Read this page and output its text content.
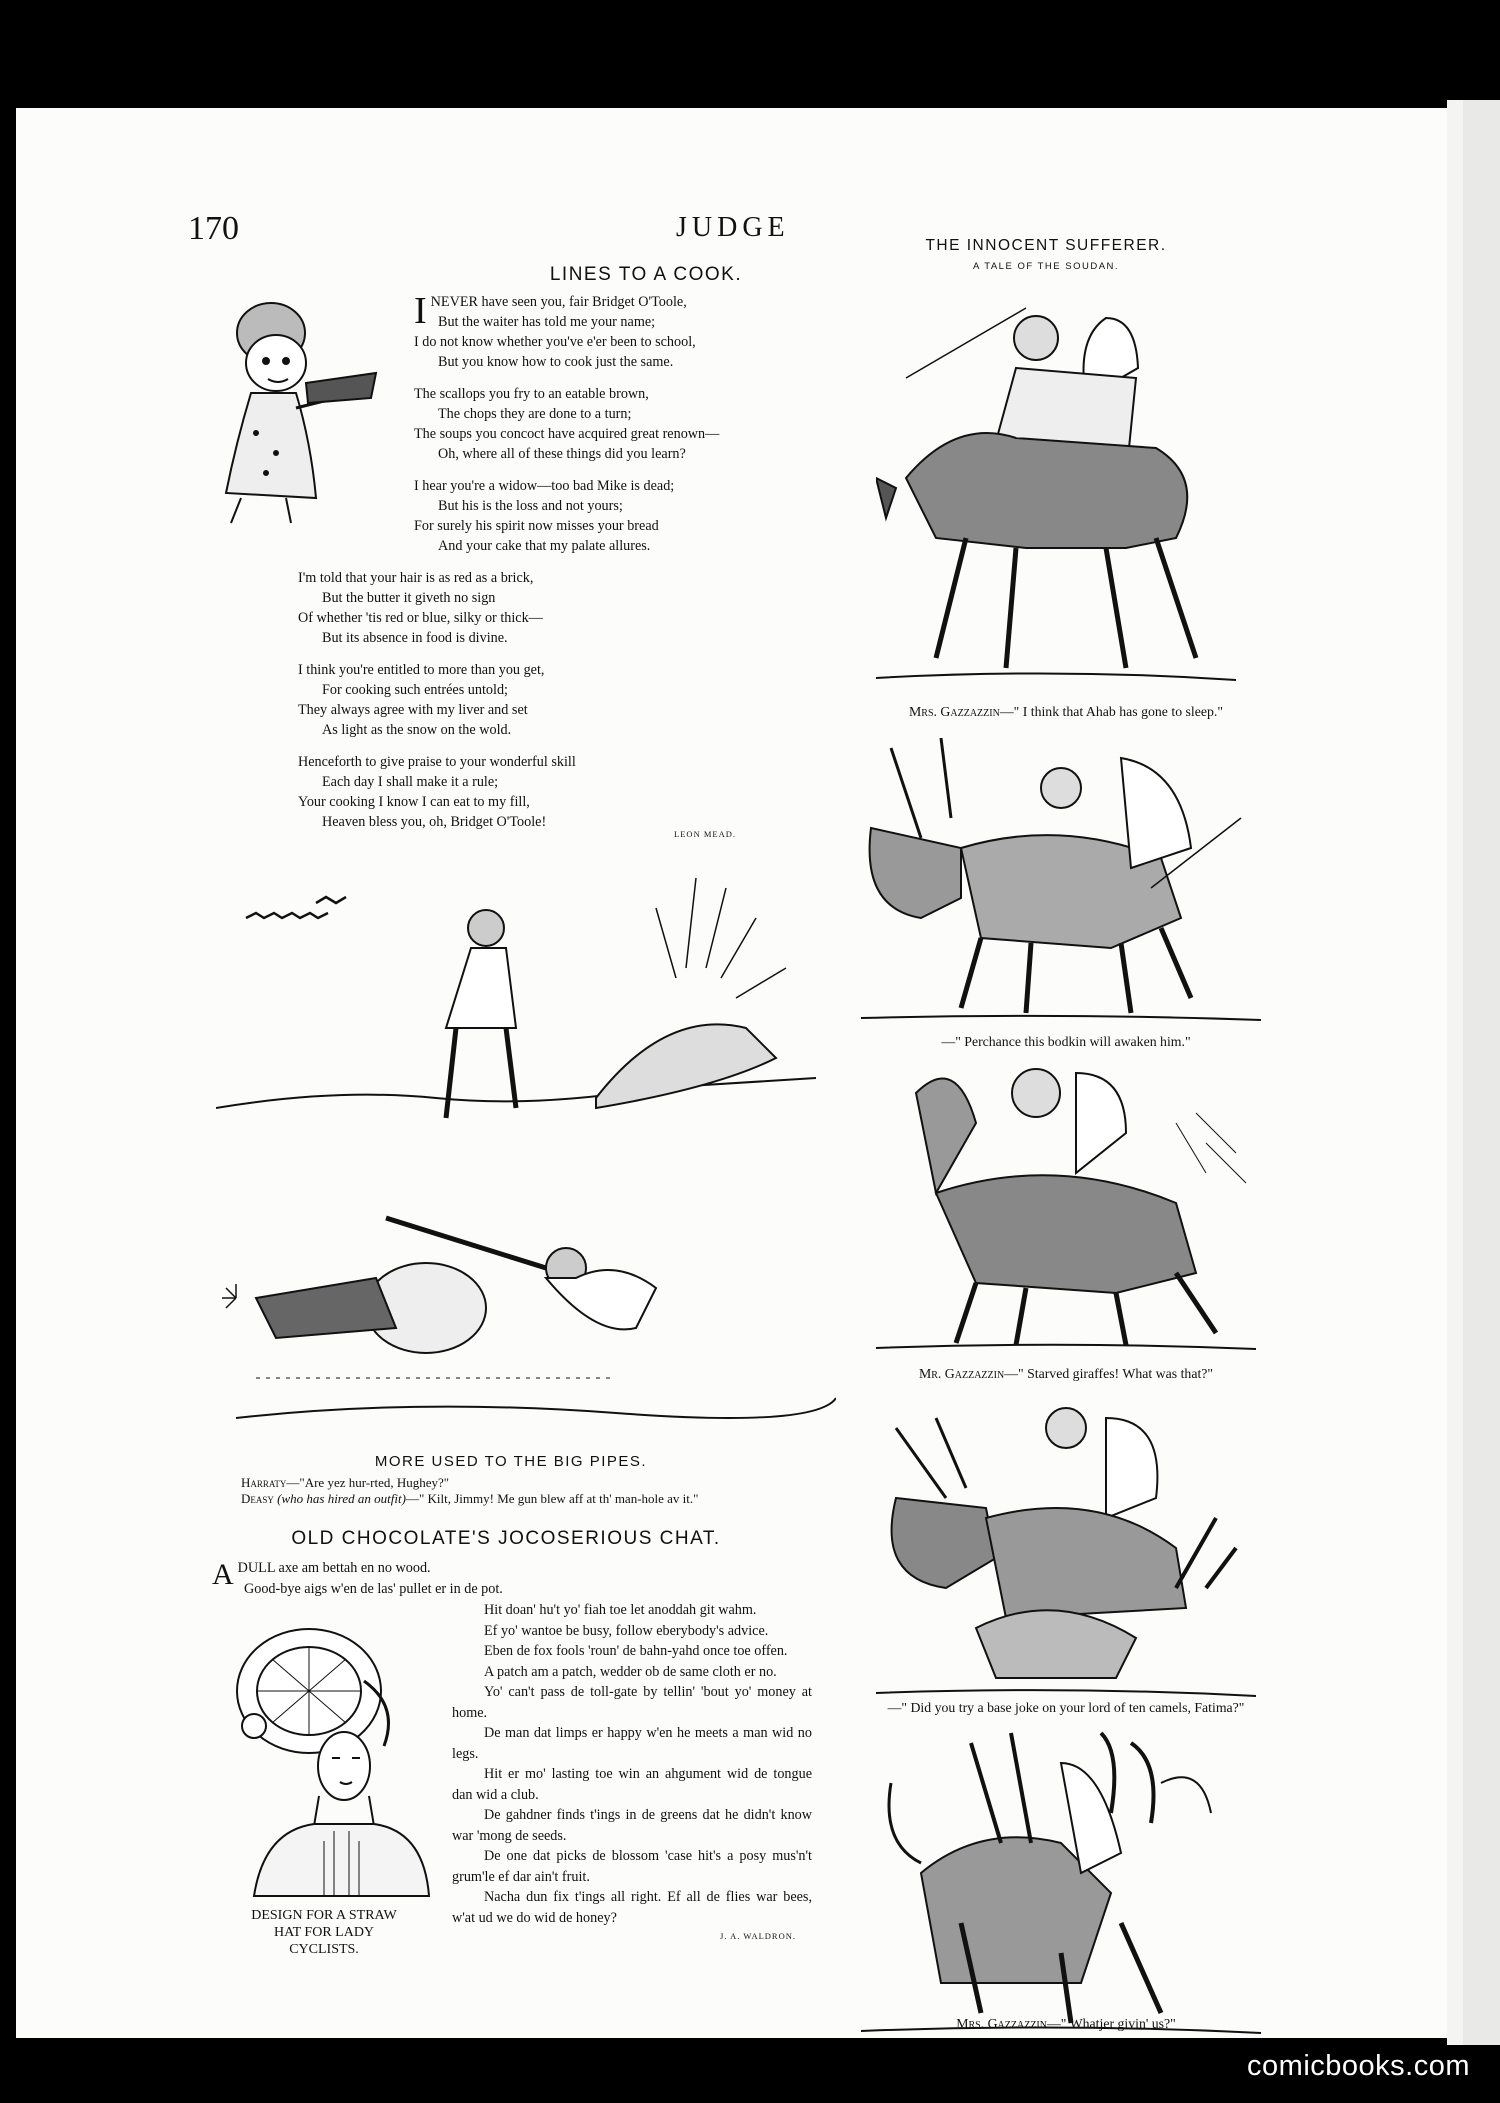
170	JUDGE
LINES TO A COOK.
INEVER have seen you, fair Bridget O'Toole,
But the waiter has told me your name;
I do not know whether you've e'er been to school,
But you know how to cook just the same.
The scallops you fry to an eatable brown,
The chops they are done to a turn;
The soups you concoct have acquired great renown—
Oh, where all of these things did you learn?
I hear you're a widow—too bad Mike is dead;
But his is the loss and not yours;
For surely his spirit now misses your bread
And your cake that my palate allures.
I'm told that your hair is as red as a brick,
But the butter it giveth no sign
Of whether 'tis red or blue, silky or thick—
But its absence in food is divine.
I think you're entitled to more than you get,
For cooking such entrées untold;
They always agree with my liver and set
As light as the snow on the wold.
Henceforth to give praise to your wonderful skill
Each day I shall make it a rule;
Your cooking I know I can eat to my fill,
Heaven bless you, oh, Bridget O'Toole!
LEON MEAD.
MORE USED TO THE BIG PIPES.
Harraty—"Are yez hur-rted, Hughey?"
Deasy (who has hired an outfit)—" Kilt, Jimmy! Me gun blew aff at th' man-hole av it."
OLD CHOCOLATE'S JOCOSERIOUS CHAT.
ADULL axe am bettah en no wood.
Good-bye aigs w'en de las' pullet er in de pot.

Hit doan' hu't yo' fiah toe let anoddah git wahm.

Ef yo' wantoe be busy, follow eberybody's advice.

Eben de fox fools 'roun' de bahn-yahd once toe offen.

A patch am a patch, wedder ob de same cloth er no.

Yo' can't pass de toll-gate by tellin' 'bout yo' money at home.

De man dat limps er happy w'en he meets a man wid no legs.

Hit er mo' lasting toe win an ahgument wid de tongue dan wid a club.

De gahdner finds t'ings in de greens dat he didn't know war 'mong de seeds.

De one dat picks de blossom 'case hit's a posy mus'n't grum'le ef dar ain't fruit.

Nacha dun fix t'ings all right. Ef all de flies war bees, w'at ud we do wid de honey?

J. A. WALDRON.
DESIGN FOR A STRAW
HAT FOR LADY
CYCLISTS.
THE INNOCENT SUFFERER.
A TALE OF THE SOUDAN.
Mrs. Gazzazzin—" I think that Ahab has gone to sleep."
—" Perchance this bodkin will awaken him."
Mr. Gazzazzin—" Starved giraffes! What was that?"
—" Did you try a base joke on your lord of ten camels, Fatima?"
Mrs. Gazzazzin—" Whatjer givin' us?"
comicbooks.com
